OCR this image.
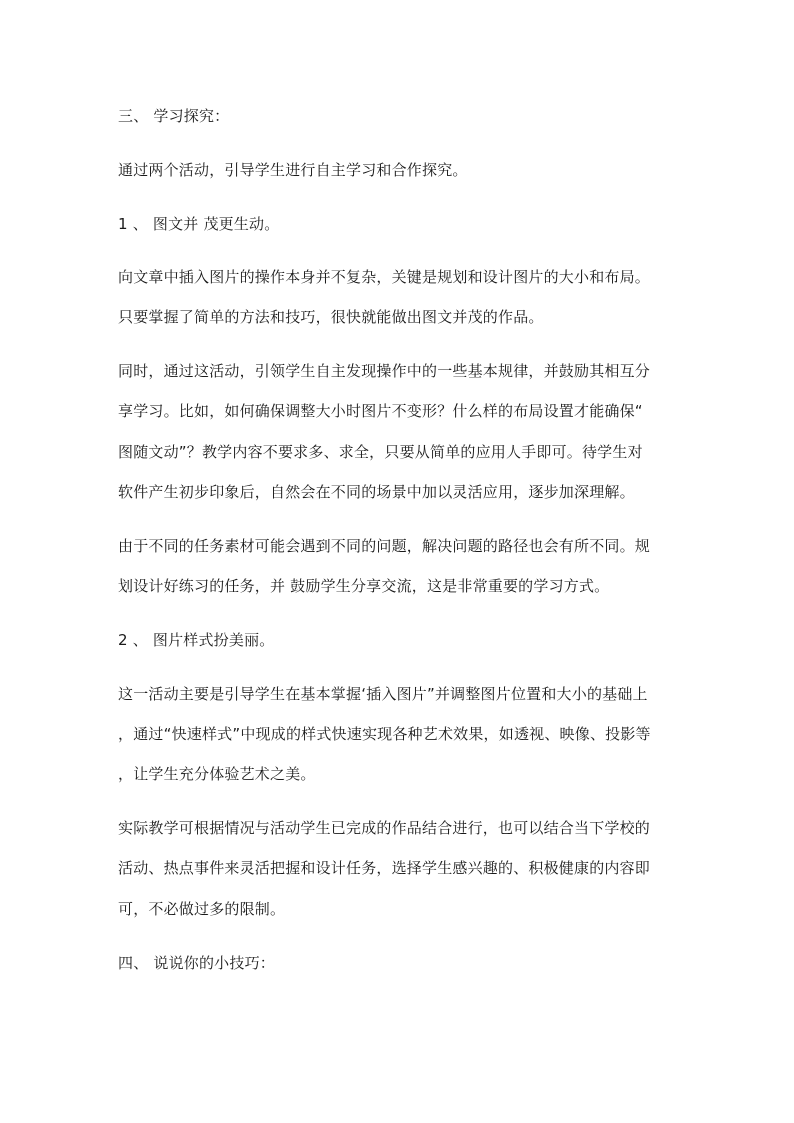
三、 学习探究：
通过两个活动，引导学生进行自主学习和合作探究。
1 、 图文并 茂更生动。
向文章中插入图片的操作本身并不复杂，关键是规划和设计图片的大小和布局。
只要掌握了简单的方法和技巧，很快就能做出图文并茂的作品。
同时，通过这活动，引领学生自主发现操作中的一些基本规律，并鼓励其相互分
享学习。比如，如何确保调整大小时图片不变形？什么样的布局设置才能确保“
图随文动”？教学内容不要求多、求全，只要从简单的应用人手即可。待学生对
软件产生初步印象后，自然会在不同的场景中加以灵活应用，逐步加深理解。
由于不同的任务素材可能会遇到不同的问题，解决问题的路径也会有所不同。规
划设计好练习的任务，并 鼓励学生分享交流，这是非常重要的学习方式。
2 、 图片样式扮美丽。
这一活动主要是引导学生在基本掌握‘插入图片”并调整图片位置和大小的基础上
，通过“快速样式”中现成的样式快速实现各种艺术效果，如透视、映像、投影等
，让学生充分体验艺术之美。
实际教学可根据情况与活动学生已完成的作品结合进行，也可以结合当下学校的
活动、热点事件来灵活把握和设计任务，选择学生感兴趣的、积极健康的内容即
可，不必做过多的限制。
四、 说说你的小技巧：
